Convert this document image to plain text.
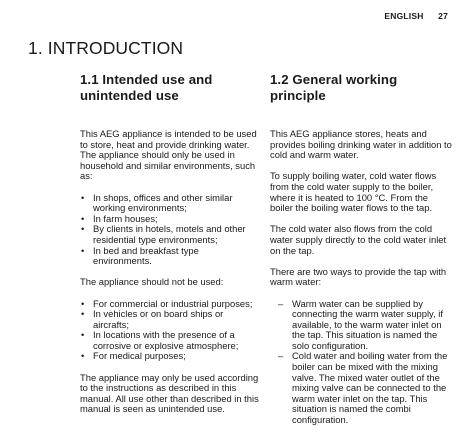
ENGLISH 27
1. INTRODUCTION
1.1 Intended use and
unintended use

This AEG appliance is intended to be used to store, heat and provide drinking water. The appliance should only be used in household and similar environments, such as:

• In shops, offices and other similar working environments;
• In farm houses;
• By clients in hotels, motels and other residential type environments;
• In bed and breakfast type environments.

The appliance should not be used:

• For commercial or industrial purposes;
• In vehicles or on board ships or aircrafts;
• In locations with the presence of a corrosive or explosive atmosphere;
• For medical purposes;

The appliance may only be used according to the instructions as described in this manual. All use other than described in this manual is seen as unintended use.

1.2 General working
principle

This AEG appliance stores, heats and provides boiling drinking water in addition to cold and warm water.

To supply boiling water, cold water flows from the cold water supply to the boiler, where it is heated to 100 °C. From the boiler the boiling water flows to the tap.

The cold water also flows from the cold water supply directly to the cold water inlet on the tap.

There are two ways to provide the tap with warm water:

– Warm water can be supplied by connecting the warm water supply, if available, to the warm water inlet on the tap. This situation is named the solo configuration.
– Cold water and boiling water from the boiler can be mixed with the mixing valve. The mixed water outlet of the mixing valve can be connected to the warm water inlet on the tap. This situation is named the combi configuration.
